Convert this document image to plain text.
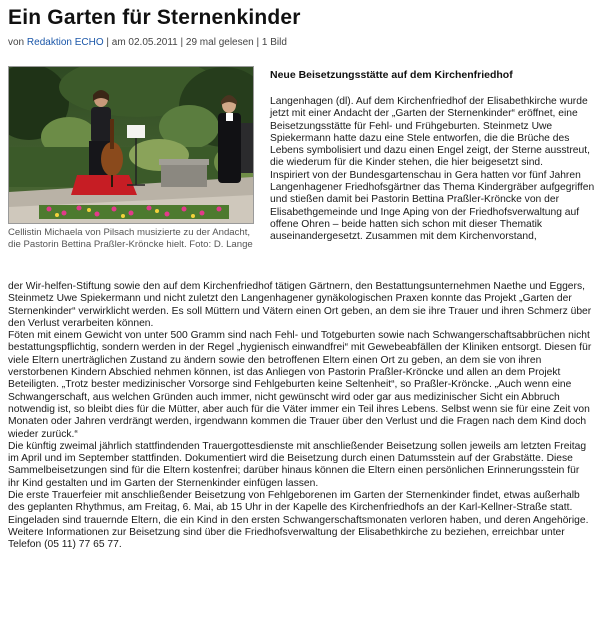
Ein Garten für Sternenkinder
von Redaktion ECHO | am 02.05.2011 | 29 mal gelesen | 1 Bild
Cellistin Michaela von Pilsach musizierte zu der Andacht, die Pastorin Bettina Praßler-Kröncke hielt. Foto: D. Lange
Neue Beisetzungsstätte auf dem Kirchenfriedhof

Langenhagen (dl). Auf dem Kirchenfriedhof der Elisabethkirche wurde jetzt mit einer Andacht der „Garten der Sternenkinder“ eröffnet, eine Beisetzungsstätte für Fehl- und Frühgeburten. Steinmetz Uwe Spiekermann hatte dazu eine Stele entworfen, die die Brüche des Lebens symbolisiert und dazu einen Engel zeigt, der Sterne ausstreut, die wiederum für die Kinder stehen, die hier beigesetzt sind.

Inspiriert von der Bundesgartenschau in Gera hatten vor fünf Jahren Langenhagener Friedhofsgärtner das Thema Kindergräber aufgegriffen und stießen damit bei Pastorin Bettina Praßler-Kröncke von der Elisabethgemeinde und Inge Aping von der Friedhofsverwaltung auf offene Ohren – beide hatten sich schon mit dieser Thematik auseinandergesetzt. Zusammen mit dem Kirchenvorstand,

der Wir-helfen-Stiftung sowie den auf dem Kirchenfriedhof tätigen Gärtnern, den Bestattungsunternehmen Naethe und Eggers, Steinmetz Uwe Spiekermann und nicht zuletzt den Langenhagener gynäkologischen Praxen konnte das Projekt „Garten der Sternenkinder“ verwirklicht werden. Es soll Müttern und Vätern einen Ort geben, an dem sie ihre Trauer und ihren Schmerz über den Verlust verarbeiten können.

Föten mit einem Gewicht von unter 500 Gramm sind nach Fehl- und Totgeburten sowie nach Schwangerschaftsabbrüchen nicht bestattungspflichtig, sondern werden in der Regel „hygienisch einwandfrei“ mit Gewebeabfällen der Kliniken entsorgt. Diesen für viele Eltern unerträglichen Zustand zu ändern sowie den betroffenen Eltern einen Ort zu geben, an dem sie von ihren verstorbenen Kindern Abschied nehmen können, ist das Anliegen von Pastorin Praßler-Kröncke und allen an dem Projekt Beteiligten. „Trotz bester medizinischer Vorsorge sind Fehlgeburten keine Seltenheit“, so Praßler-Kröncke. „Auch wenn eine Schwangerschaft, aus welchen Gründen auch immer, nicht gewünscht wird oder gar aus medizinischer Sicht ein Abbruch notwendig ist, so bleibt dies für die Mütter, aber auch für die Väter immer ein Teil ihres Lebens. Selbst wenn sie für eine Zeit von Monaten oder Jahren verdrängt werden, irgendwann kommen die Trauer über den Verlust und die Fragen nach dem Kind doch wieder zurück.“

Die künftig zweimal jährlich stattfindenden Trauergottesdienste mit anschließender Beisetzung sollen jeweils am letzten Freitag im April und im September stattfinden. Dokumentiert wird die Beisetzung durch einen Datumsstein auf der Grabstätte. Diese Sammelbeisetzungen sind für die Eltern kostenfrei; darüber hinaus können die Eltern einen persönlichen Erinnerungsstein für ihr Kind gestalten und im Garten der Sternenkinder einfügen lassen.

Die erste Trauerfeier mit anschließender Beisetzung von Fehlgeborenen im Garten der Sternenkinder findet, etwas außerhalb des geplanten Rhythmus, am Freitag, 6. Mai, ab 15 Uhr in der Kapelle des Kirchenfriedhofs an der Karl-Kellner-Straße statt. Eingeladen sind trauernde Eltern, die ein Kind in den ersten Schwangerschaftsmonaten verloren haben, und deren Angehörige.

Weitere Informationen zur Beisetzung sind über die Friedhofsverwaltung der Elisabethkirche zu beziehen, erreichbar unter Telefon (05 11) 77 65 77.
